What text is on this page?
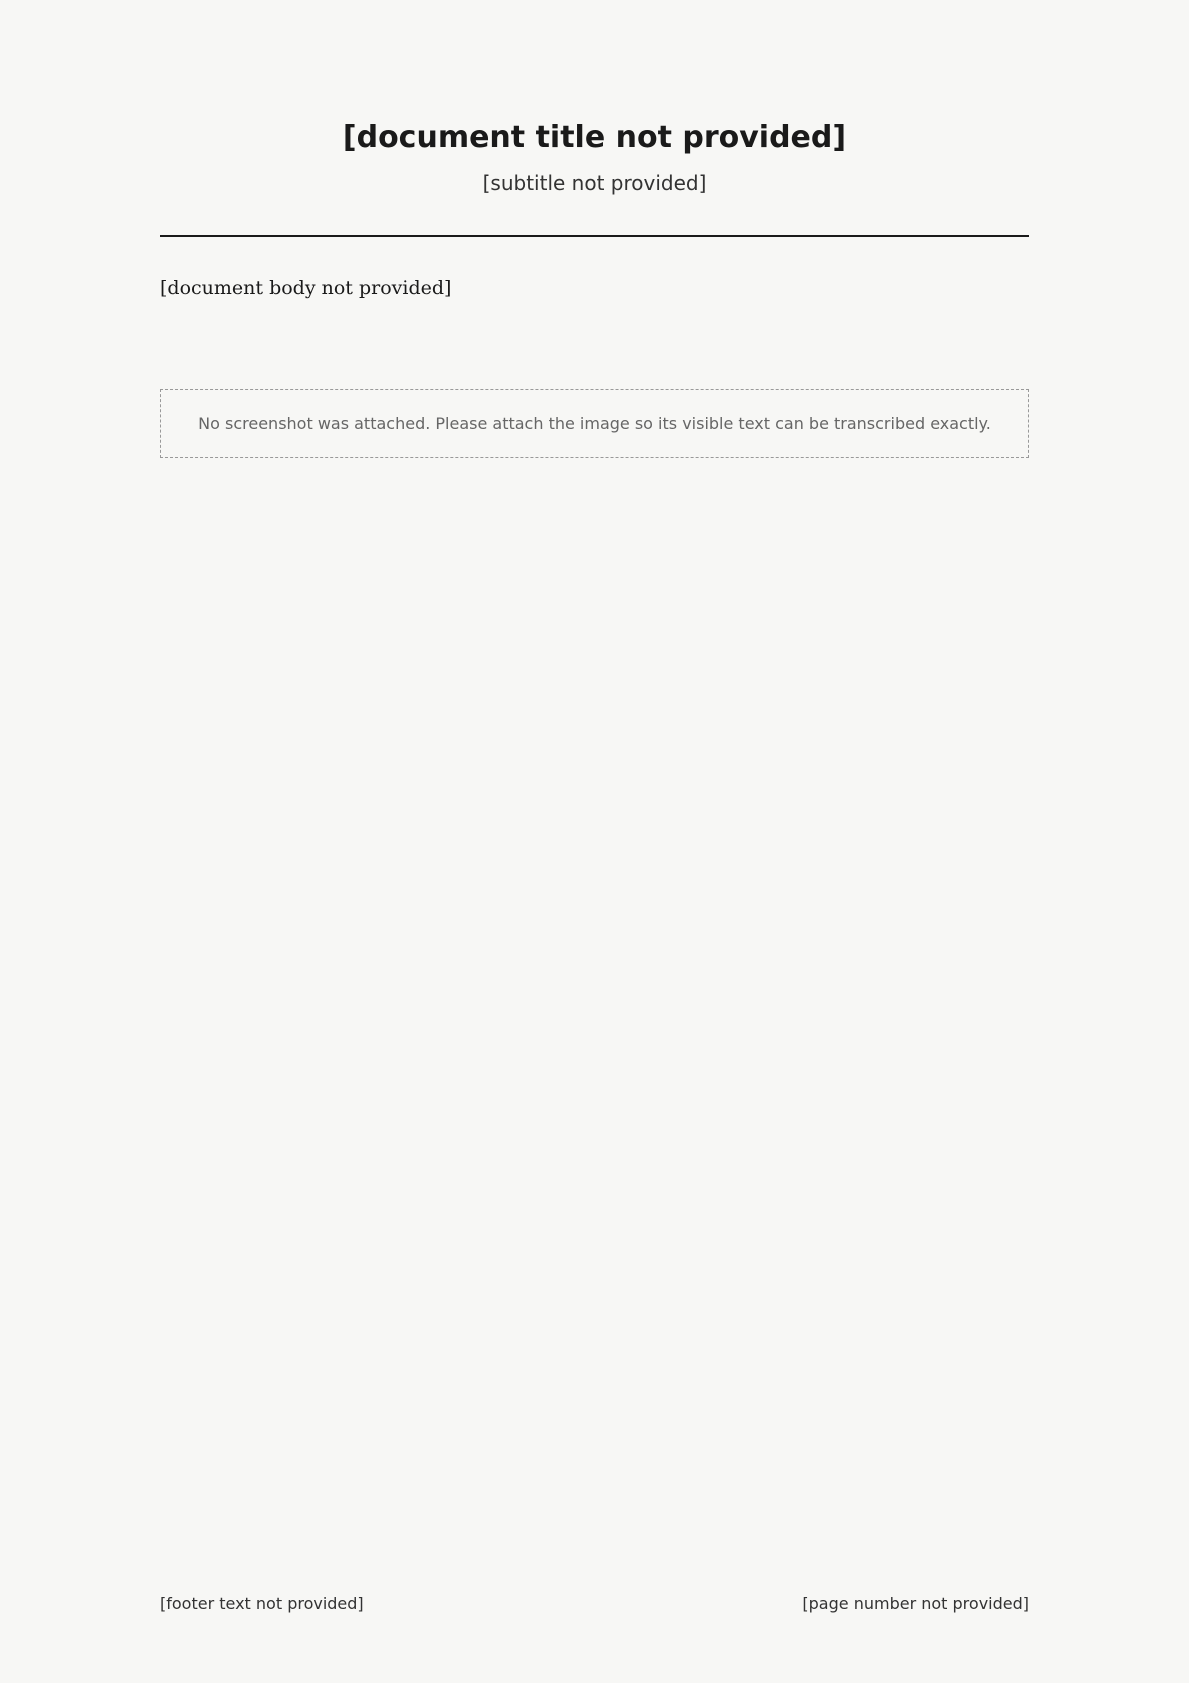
[document title not provided]

[subtitle not provided]

[document body not provided]

No screenshot was attached. Please attach the image so its visible text can be transcribed exactly.
[footer text not provided]	[page number not provided]
